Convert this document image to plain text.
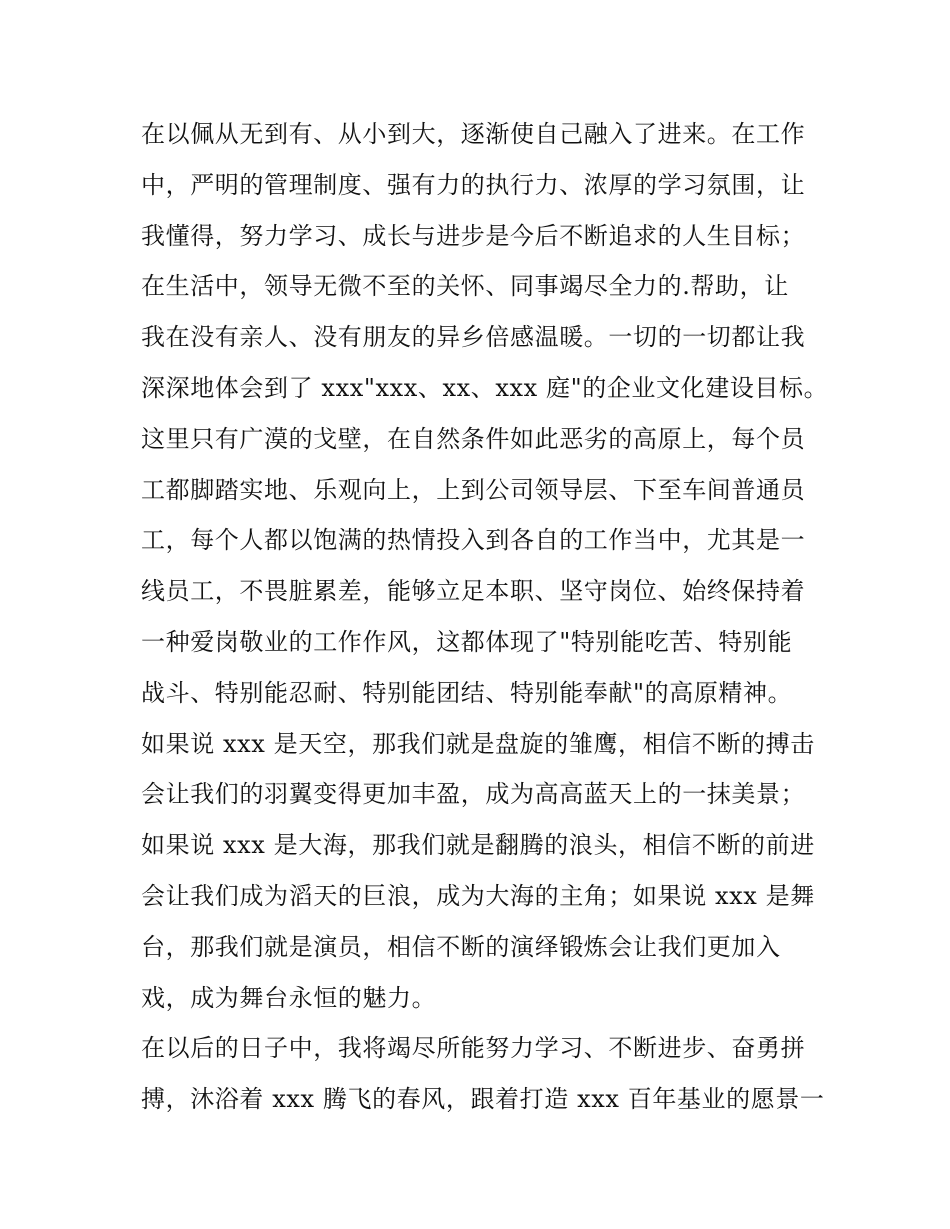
在以佩从无到有、从小到大，逐渐使自己融入了进来。在工作
中，严明的管理制度、强有力的执行力、浓厚的学习氛围，让
我懂得，努力学习、成长与进步是今后不断追求的人生目标；
在生活中，领导无微不至的关怀、同事竭尽全力的.帮助，让
我在没有亲人、没有朋友的异乡倍感温暖。一切的一切都让我
深深地体会到了 xxx"xxx、xx、xxx 庭"的企业文化建设目标。
这里只有广漠的戈壁，在自然条件如此恶劣的高原上，每个员
工都脚踏实地、乐观向上，上到公司领导层、下至车间普通员
工，每个人都以饱满的热情投入到各自的工作当中，尤其是一
线员工，不畏脏累差，能够立足本职、坚守岗位、始终保持着
一种爱岗敬业的工作作风，这都体现了"特别能吃苦、特别能
战斗、特别能忍耐、特别能团结、特别能奉献"的高原精神。
如果说 xxx 是天空，那我们就是盘旋的雏鹰，相信不断的搏击
会让我们的羽翼变得更加丰盈，成为高高蓝天上的一抹美景；
如果说 xxx 是大海，那我们就是翻腾的浪头，相信不断的前进
会让我们成为滔天的巨浪，成为大海的主角；如果说 xxx 是舞
台，那我们就是演员，相信不断的演绎锻炼会让我们更加入
戏，成为舞台永恒的魅力。
在以后的日子中，我将竭尽所能努力学习、不断进步、奋勇拼
搏，沐浴着 xxx 腾飞的春风，跟着打造 xxx 百年基业的愿景一
